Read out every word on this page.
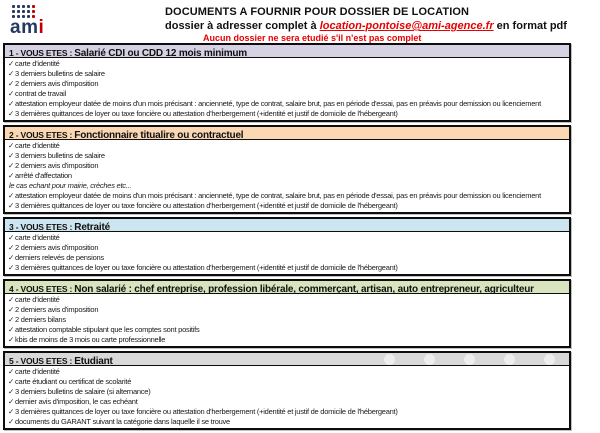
ami
DOCUMENTS A FOURNIR POUR DOSSIER DE LOCATION
dossier à adresser complet à location-pontoise@ami-agence.fr en format pdf
Aucun dossier ne sera etudié s'il n'est pas complet
1 - VOUS ETES : Salarié CDI ou CDD 12 mois minimum
✓carte d'identité
✓3 derniers bulletins de salaire
✓2 derniers avis d'imposition
✓contrat de travail
✓attestation employeur datée de moins d'un mois précisant : ancienneté, type de contrat, salaire brut, pas en période d'essai, pas en préavis pour demission ou licenciement
✓3 dernières quittances de loyer ou taxe foncière ou attestation d'herbergement (+identité et justif de domicile de l'hébergeant)
2 - VOUS ETES : Fonctionnaire titualire ou contractuel
✓carte d'identité
✓3 derniers bulletins de salaire
✓2 derniers avis d'imposition
✓arrêté d'affectation
le cas echant pour mairie, crèches etc...
✓attestation employeur datée de moins d'un mois précisant : ancienneté, type de contrat, salaire brut, pas en période d'essai, pas en préavis pour demission ou licenciement
✓3 dernières quittances de loyer ou taxe foncière ou attestation d'herbergement (+identité et justif de domicile de l'hébergeant)
3 - VOUS ETES : Retraité
✓carte d'identité
✓2 derniers avis d'imposition
✓derniers relevés de pensions
✓3 dernières quittances de loyer ou taxe foncière ou attestation d'herbergement (+identité et justif de domicile de l'hébergeant)
4 - VOUS ETES : Non salarié : chef entreprise, profession libérale, commerçant, artisan, auto entrepreneur, agriculteur
✓carte d'identité
✓2 derniers avis d'imposition
✓2 derniers bilans
✓attestation comptable stipulant que les comptes sont positifs
✓kbis de moins de 3 mois ou carte professionnelle
5 - VOUS ETES : Etudiant
✓carte d'identité
✓carte étudiant ou certificat de scolarité
✓3 derniers bulletins de salaire (si alternance)
✓dernier avis d'imposition, le cas echéant
✓3 dernières quittances de loyer ou taxe foncière ou attestation d'herbergement (+identité et justif de domicile de l'hébergeant)
✓documents du GARANT suivant la catégorie dans laquelle il se trouve
